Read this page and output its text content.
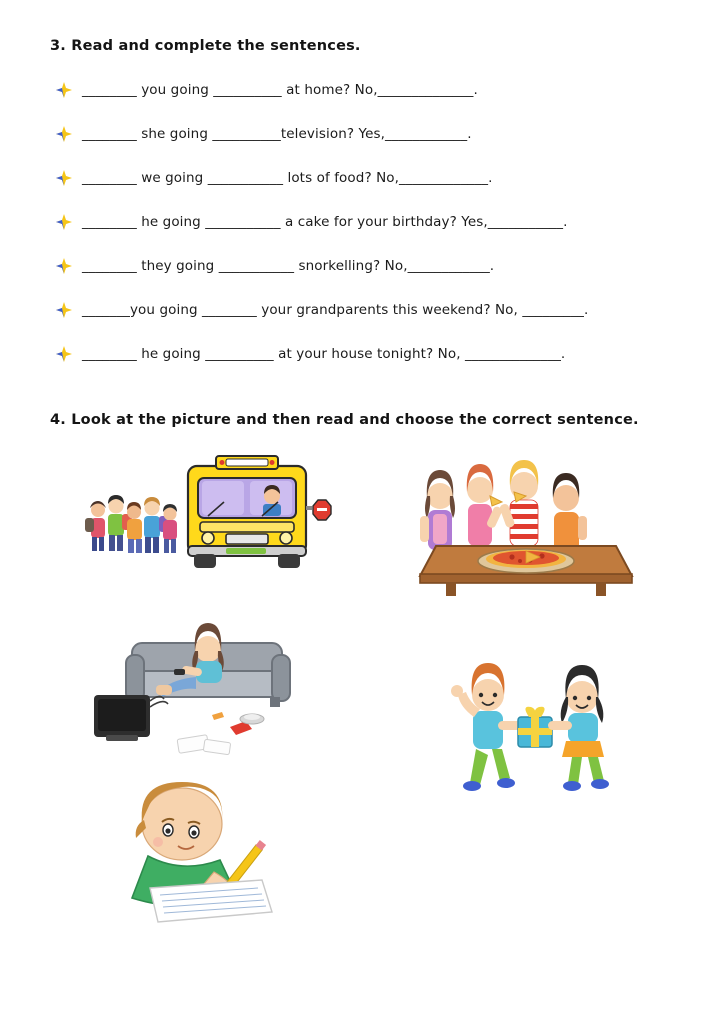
3. Read and complete the sentences.
________ you going __________ at home? No,______________.
________ she going __________television? Yes,____________.
________ we going ___________ lots of food? No,_____________.
________ he going ___________ a cake for your birthday? Yes,___________.
________ they going ___________ snorkelling? No,____________.
_______you going ________ your grandparents this weekend? No, _________.
________ he going __________ at your house tonight? No, ______________.
4. Look at the picture and then read and choose the correct sentence.
